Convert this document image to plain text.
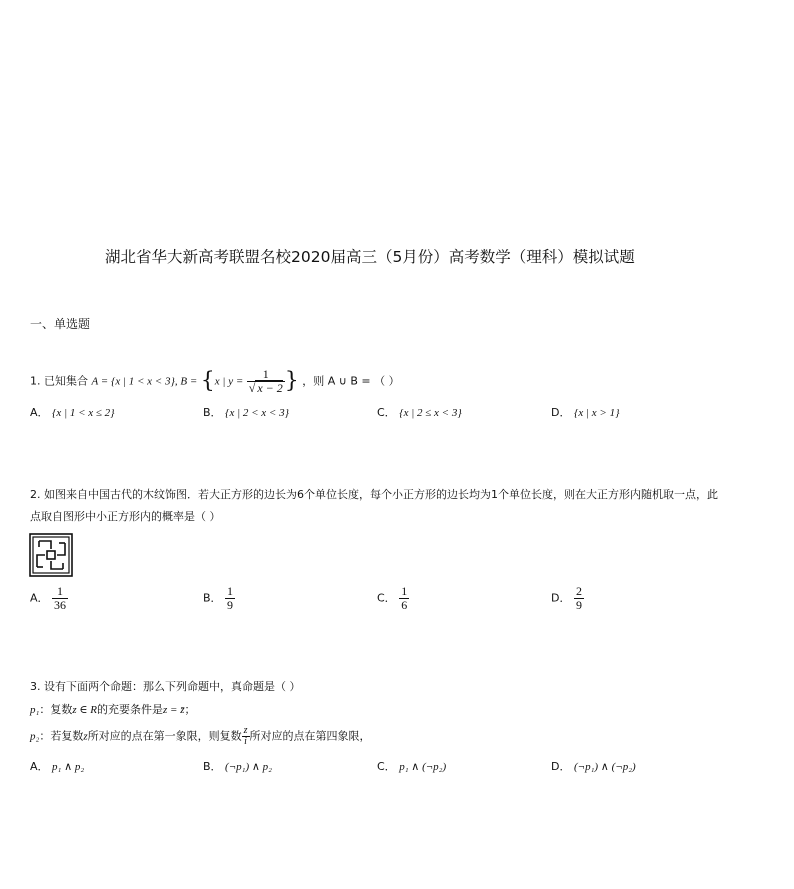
湖北省华大新高考联盟名校2020届高三（5月份）高考数学（理科）模拟试题
一、单选题
1. 已知集合 A = {x | 1 < x < 3}, B = {x | $y = \frac{1}{√ x - 2}$ } ，则 A ∪ B = （ ）
A． {x | 1 < x ≤ 2}	B． {x | 2 < x < 3}	C． {x | 2 ≤ x < 3}	D． {x | x > 1}
2. 如图来自中国古代的木纹饰图．若大正方形的边长为6个单位长度，每个小正方形的边长均为1个单位长度，则在大正方形内随机取一点，此
点取自图形中小正方形内的概率是（ ）
A． $\frac{1}{36}$	B． $\frac{1}{9}$	C． $\frac{1}{6}$	D． $\frac{2}{9}$
3. 设有下面两个命题：那么下列命题中，真命题是（ ）
p₁：复数z ∈ R的充要条件是z = z̄；
p₂：若复数z所对应的点在第一象限，则复数 $\frac{z}{i}$ 所对应的点在第四象限，
A． p₁ ∧ p₂	B． (¬p₁) ∧ p₂	C． p₁ ∧ (¬p₂)	D． (¬p₁) ∧ (¬p₂)
